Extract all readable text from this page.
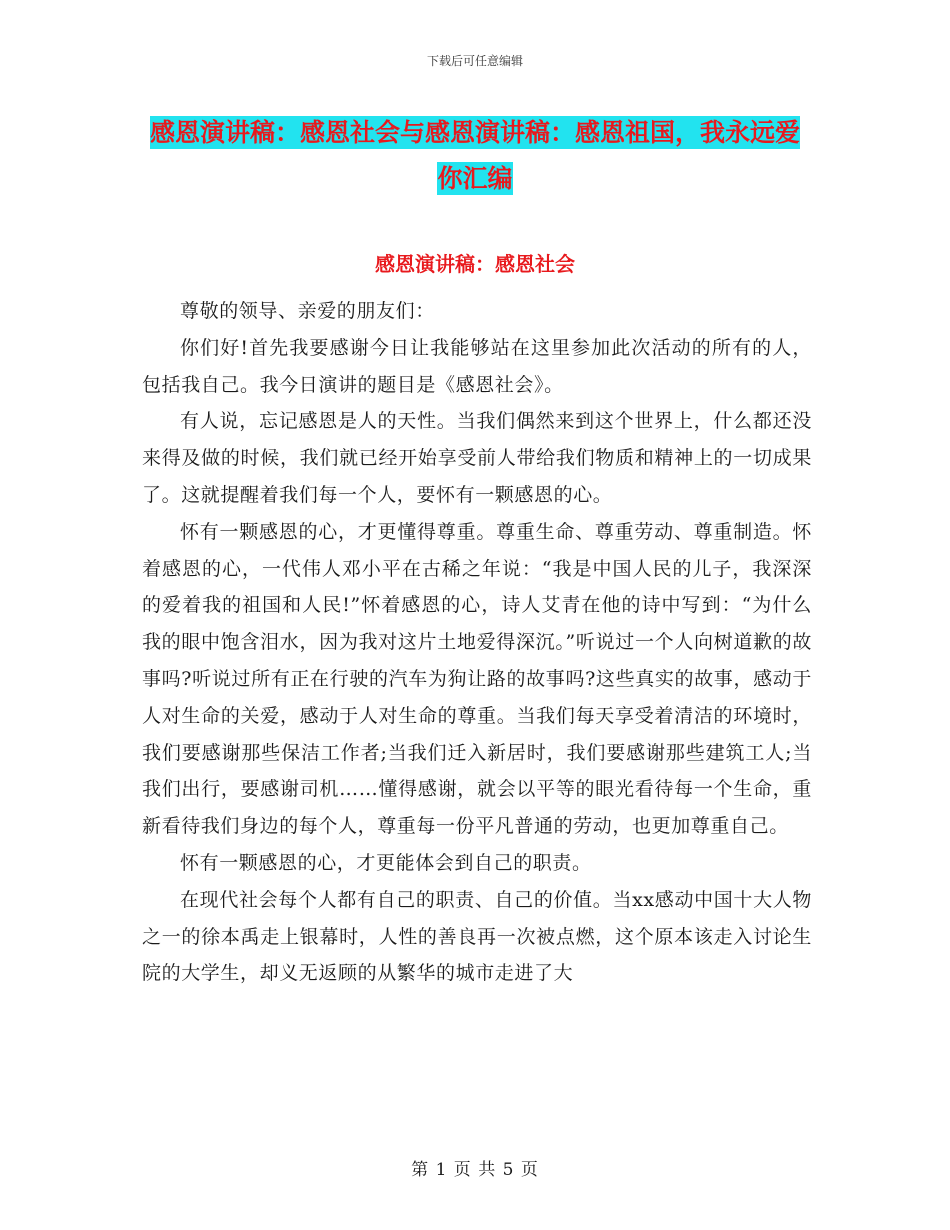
下载后可任意编辑
感恩演讲稿：感恩社会与感恩演讲稿：感恩祖国，我永远爱你汇编
感恩演讲稿：感恩社会

尊敬的领导、亲爱的朋友们：

你们好!首先我要感谢今日让我能够站在这里参加此次活动的所有的人，包括我自己。我今日演讲的题目是《感恩社会》。

有人说，忘记感恩是人的天性。当我们偶然来到这个世界上，什么都还没来得及做的时候，我们就已经开始享受前人带给我们物质和精神上的一切成果了。这就提醒着我们每一个人，要怀有一颗感恩的心。

怀有一颗感恩的心，才更懂得尊重。尊重生命、尊重劳动、尊重制造。怀着感恩的心，一代伟人邓小平在古稀之年说：“我是中国人民的儿子，我深深的爱着我的祖国和人民!”怀着感恩的心，诗人艾青在他的诗中写到：“为什么我的眼中饱含泪水，因为我对这片土地爱得深沉。”听说过一个人向树道歉的故事吗?听说过所有正在行驶的汽车为狗让路的故事吗?这些真实的故事，感动于人对生命的关爱，感动于人对生命的尊重。当我们每天享受着清洁的环境时，我们要感谢那些保洁工作者;当我们迁入新居时，我们要感谢那些建筑工人;当我们出行，要感谢司机……懂得感谢，就会以平等的眼光看待每一个生命，重新看待我们身边的每个人，尊重每一份平凡普通的劳动，也更加尊重自己。

怀有一颗感恩的心，才更能体会到自己的职责。

在现代社会每个人都有自己的职责、自己的价值。当xx感动中国十大人物之一的徐本禹走上银幕时，人性的善良再一次被点燃，这个原本该走入讨论生院的大学生，却义无返顾的从繁华的城市走进了大

第 1 页 共 5 页
